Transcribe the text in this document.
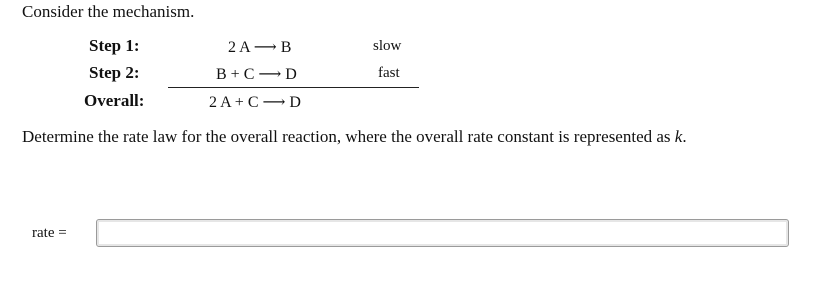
Consider the mechanism.
Step 1:	2 A ⟶ B	slow
Step 2:	B + C ⟶ D	fast
Overall:	2 A + C ⟶ D
Determine the rate law for the overall reaction, where the overall rate constant is represented as k.
rate =
